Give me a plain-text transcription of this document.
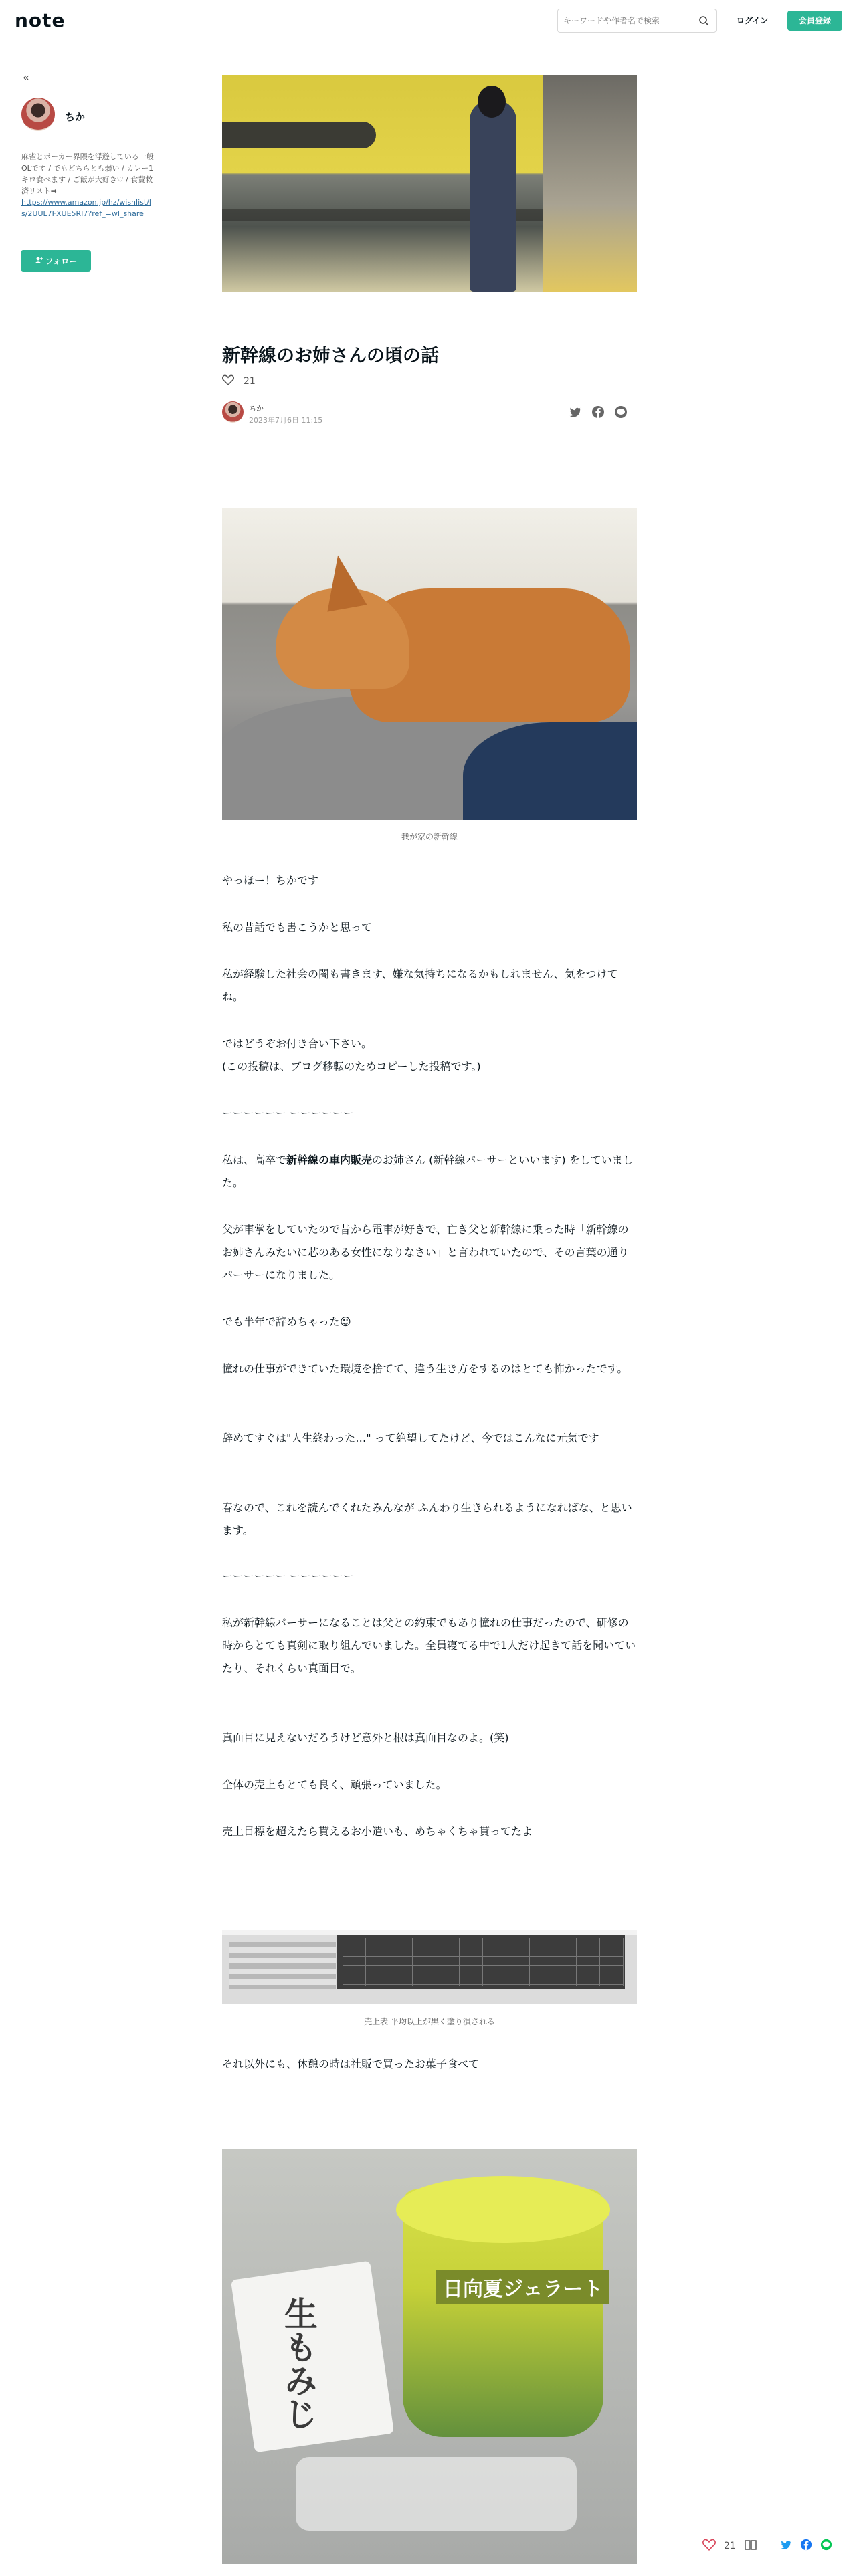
note
キーワードや作者名で検索	ログイン	会員登録
«
ちか
麻雀とポーカー界隈を浮遊している一般OLです / でもどちらとも弱い / カレー1キロ食べます / ご飯が大好き♡ / 食費救済リスト➡︎
https://www.amazon.jp/hz/wishlist/ls/2UUL7FXUE5RI7?ref_=wl_share
フォロー
新幹線のお姉さんの頃の話
21
ちか
2023年7月6日 11:15
我が家の新幹線
やっほー！ちかです
私の昔話でも書こうかと思って
私が経験した社会の闇も書きます、嫌な気持ちになるかもしれません、気をつけてね。
ではどうぞお付き合い下さい。
(この投稿は、ブログ移転のためコピーした投稿です。)
ーーーーーー ーーーーーー
私は、高卒で新幹線の車内販売のお姉さん (新幹線パーサーといいます) をしていました。
父が車掌をしていたので昔から電車が好きで、亡き父と新幹線に乗った時「新幹線のお姉さんみたいに芯のある女性になりなさい」と言われていたので、その言葉の通りパーサーになりました。
でも半年で辞めちゃった☺
憧れの仕事ができていた環境を捨てて、違う生き方をするのはとても怖かったです。
辞めてすぐは"人生終わった…" って絶望してたけど、今ではこんなに元気です
春なので、これを読んでくれたみんなが ふんわり生きられるようになればな、と思います。
ーーーーーー ーーーーーー
私が新幹線パーサーになることは父との約束でもあり憧れの仕事だったので、研修の時からとても真剣に取り組んでいました。全員寝てる中で1人だけ起きて話を聞いていたり、それくらい真面目で。
真面目に見えないだろうけど意外と根は真面目なのよ。(笑)
全体の売上もとても良く、頑張っていました。
売上目標を超えたら貰えるお小遣いも、めちゃくちゃ貰ってたよ
売上表 平均以上が黒く塗り潰される
それ以外にも、休憩の時は社販で買ったお菓子食べて
生もみじ
日向夏ジェラート
21
